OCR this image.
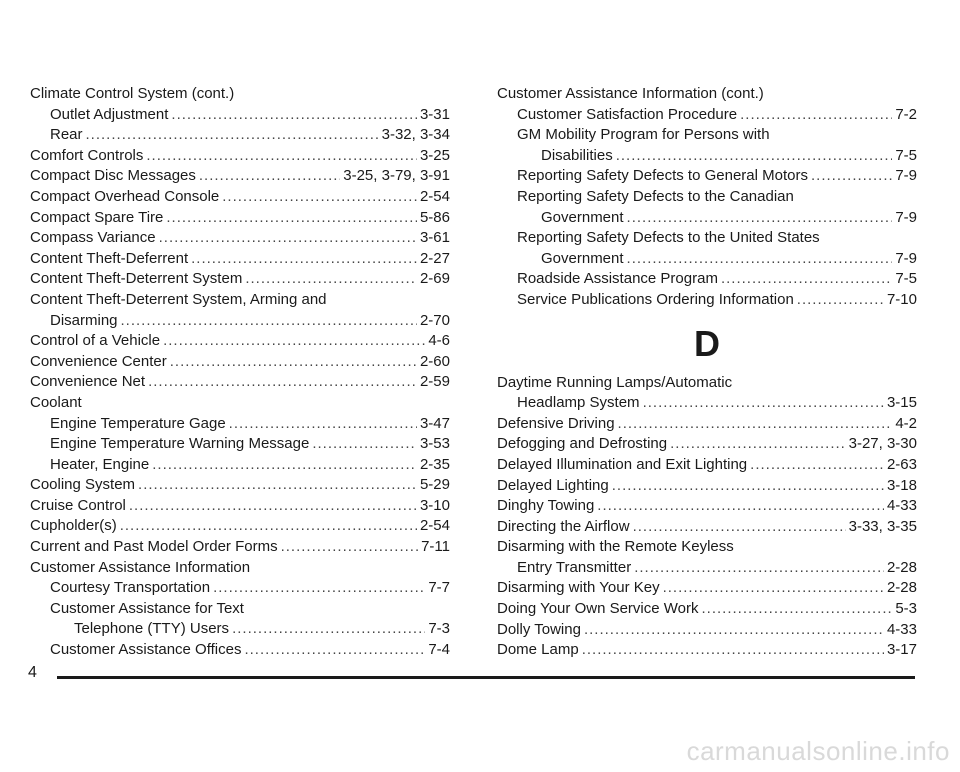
Climate Control System (cont.)
Outlet Adjustment .....	3-31
Rear .....	3-32, 3-34
Comfort Controls .....	3-25
Compact Disc Messages .....	3-25, 3-79, 3-91
Compact Overhead Console .....	2-54
Compact Spare Tire .....	5-86
Compass Variance .....	3-61
Content Theft-Deferrent .....	2-27
Content Theft-Deterrent System .....	2-69
Content Theft-Deterrent System, Arming and
Disarming .....	2-70
Control of a Vehicle .....	4-6
Convenience Center .....	2-60
Convenience Net .....	2-59
Coolant
Engine Temperature Gage .....	3-47
Engine Temperature Warning Message .....	3-53
Heater, Engine .....	2-35
Cooling System .....	5-29
Cruise Control .....	3-10
Cupholder(s) .....	2-54
Current and Past Model Order Forms .....	7-11
Customer Assistance Information
Courtesy Transportation .....	7-7
Customer Assistance for Text
Telephone (TTY) Users .....	7-3
Customer Assistance Offices .....	7-4
Customer Assistance Information (cont.)
Customer Satisfaction Procedure .....	7-2
GM Mobility Program for Persons with
Disabilities .....	7-5
Reporting Safety Defects to General Motors .....	7-9
Reporting Safety Defects to the Canadian
Government .....	7-9
Reporting Safety Defects to the United States
Government .....	7-9
Roadside Assistance Program .....	7-5
Service Publications Ordering Information .....	7-10
D
Daytime Running Lamps/Automatic
Headlamp System .....	3-15
Defensive Driving .....	4-2
Defogging and Defrosting .....	3-27, 3-30
Delayed Illumination and Exit Lighting .....	2-63
Delayed Lighting .....	3-18
Dinghy Towing .....	4-33
Directing the Airflow .....	3-33, 3-35
Disarming with the Remote Keyless
Entry Transmitter .....	2-28
Disarming with Your Key .....	2-28
Doing Your Own Service Work .....	5-3
Dolly Towing .....	4-33
Dome Lamp .....	3-17
4
carmanualsonline.info
